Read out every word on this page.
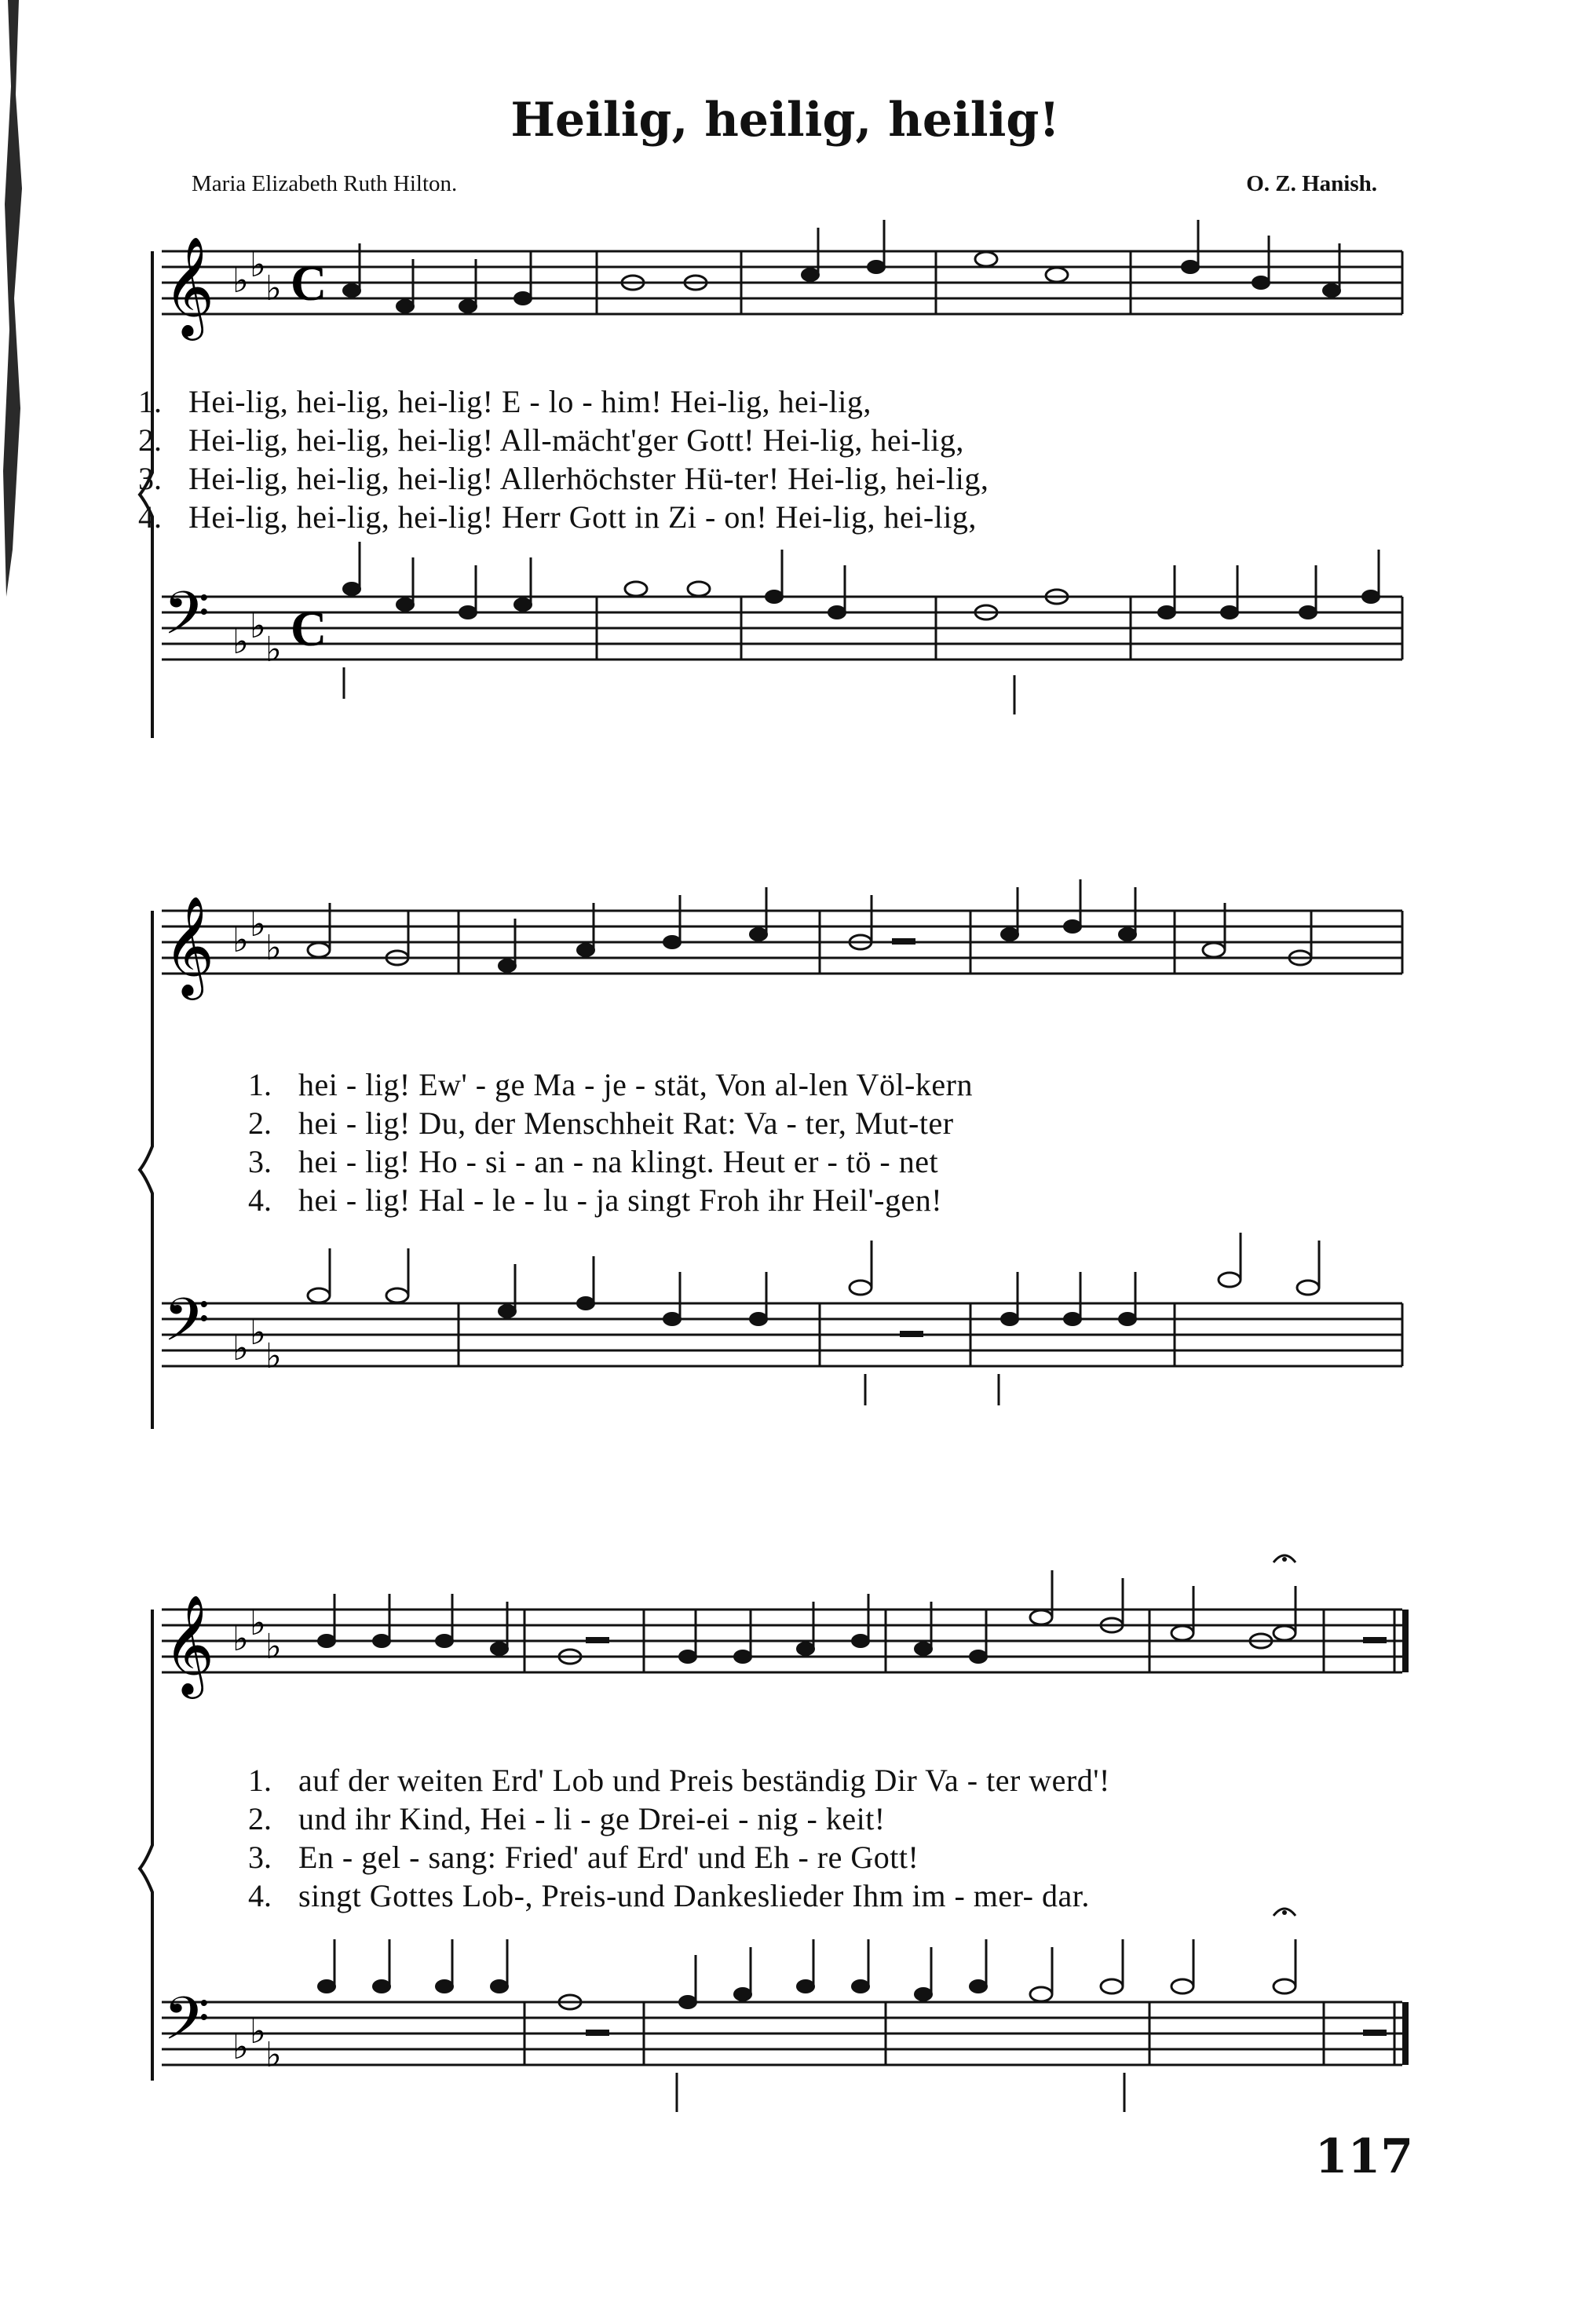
Heilig, heilig, heilig!
Maria Elizabeth Ruth Hilton.	O. Z. Hanish.
𝄞 ♭ ♭
♭ C
1. Hei-lig, hei-lig, hei-lig! E - lo - him! Hei-lig, hei-lig,
2. Hei-lig, hei-lig, hei-lig! All-mächt'ger Gott! Hei-lig, hei-lig,
3. Hei-lig, hei-lig, hei-lig! Allerhöchster Hü-ter! Hei-lig, hei-lig,
4. Hei-lig, hei-lig, hei-lig! Herr Gott in Zi - on! Hei-lig, hei-lig,
𝄢 ♭ ♭
♭ C
𝄞 ♭ ♭
♭
1. hei - lig! Ew' - ge Ma - je - stät, Von al-len Völ-kern
2. hei - lig! Du, der Menschheit Rat: Va - ter, Mut-ter
3. hei - lig! Ho - si - an - na klingt. Heut er - tö - net
4. hei - lig! Hal - le - lu - ja singt Froh ihr Heil'-gen!
𝄢 ♭ ♭
♭
𝄞 ♭ ♭
♭
1. auf der weiten Erd' Lob und Preis beständig Dir Va - ter werd'!
2. und ihr Kind, Hei - li - ge Drei-ei - nig - keit!
3. En - gel - sang: Fried' auf Erd' und Eh - re Gott!
4. singt Gottes Lob-, Preis-und Dankeslieder Ihm im - mer- dar.
𝄢 ♭ ♭
♭
117
